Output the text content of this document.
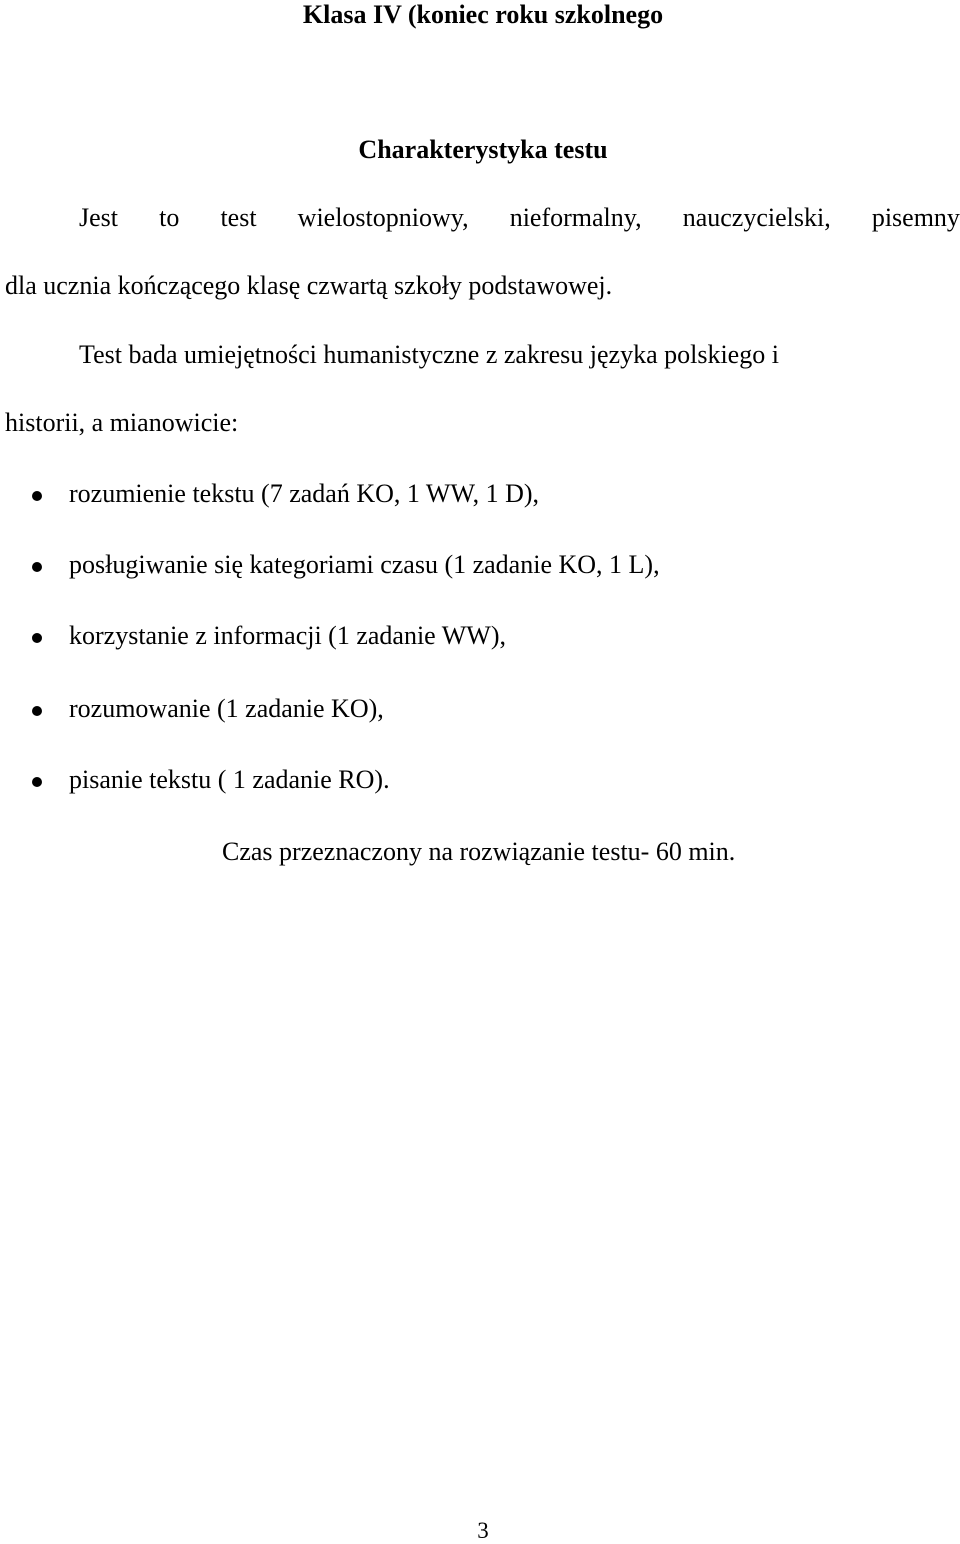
Klasa IV (koniec roku szkolnego
Charakterystyka testu
Jest to test wielostopniowy, nieformalny, nauczycielski, pisemny
dla ucznia kończącego klasę czwartą szkoły podstawowej.
Test bada umiejętności humanistyczne z zakresu języka polskiego i
historii, a mianowicie:
rozumienie tekstu (7 zadań KO, 1 WW, 1 D),
posługiwanie się kategoriami czasu (1 zadanie KO, 1 L),
korzystanie z informacji (1 zadanie WW),
rozumowanie (1 zadanie KO),
pisanie tekstu ( 1 zadanie RO).
Czas przeznaczony na rozwiązanie testu- 60 min.
3
